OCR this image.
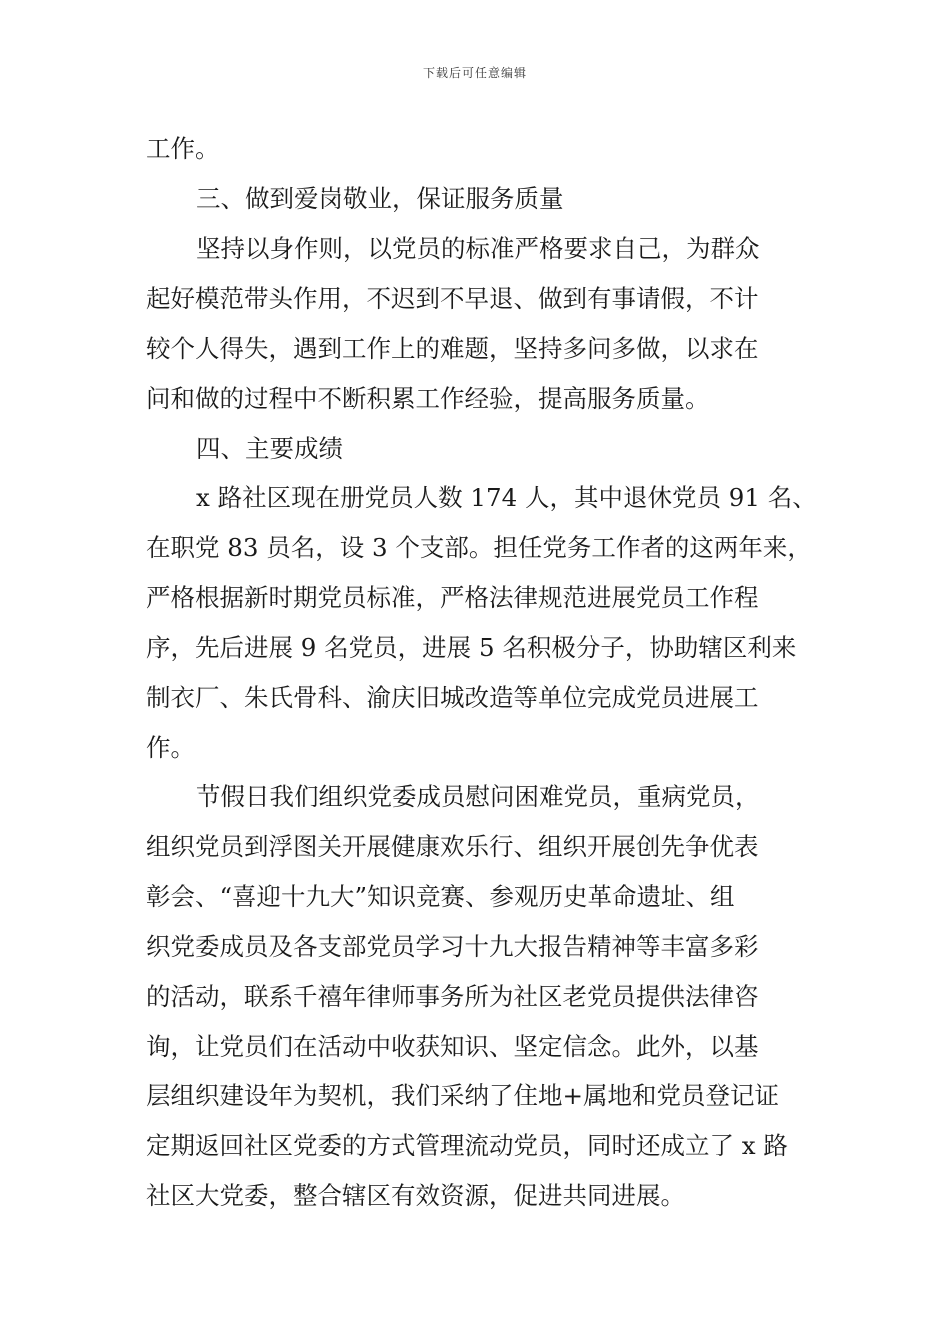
下载后可任意编辑
工作。
三、做到爱岗敬业，保证服务质量
坚持以身作则，以党员的标准严格要求自己，为群众
起好模范带头作用，不迟到不早退、做到有事请假，不计
较个人得失，遇到工作上的难题，坚持多问多做，以求在
问和做的过程中不断积累工作经验，提高服务质量。
四、主要成绩
x 路社区现在册党员人数 174 人，其中退休党员 91 名、
在职党 83 员名，设 3 个支部。担任党务工作者的这两年来，
严格根据新时期党员标准，严格法律规范进展党员工作程
序，先后进展 9 名党员，进展 5 名积极分子，协助辖区利来
制衣厂、朱氏骨科、渝庆旧城改造等单位完成党员进展工
作。
节假日我们组织党委成员慰问困难党员，重病党员，
组织党员到浮图关开展健康欢乐行、组织开展创先争优表
彰会、“喜迎十九大”知识竞赛、参观历史革命遗址、组
织党委成员及各支部党员学习十九大报告精神等丰富多彩
的活动，联系千禧年律师事务所为社区老党员提供法律咨
询，让党员们在活动中收获知识、坚定信念。此外，以基
层组织建设年为契机，我们采纳了住地+属地和党员登记证
定期返回社区党委的方式管理流动党员，同时还成立了 x 路
社区大党委，整合辖区有效资源，促进共同进展。
